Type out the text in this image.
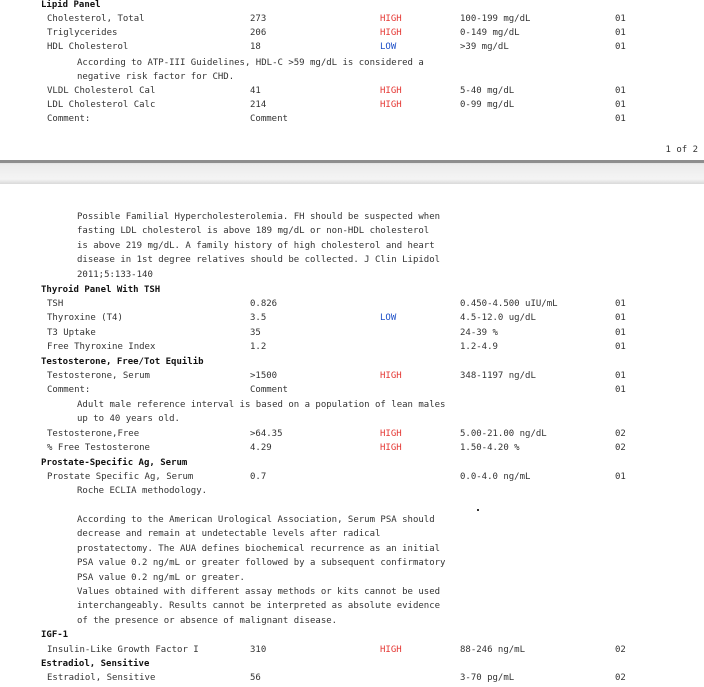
Lipid Panel
Cholesterol, Total	273	HIGH	100-199 mg/dL	01
Triglycerides	206	HIGH	0-149 mg/dL	01
HDL Cholesterol	18	LOW	>39 mg/dL	01
According to ATP-III Guidelines, HDL-C >59 mg/dL is considered a
negative risk factor for CHD.
VLDL Cholesterol Cal	41	HIGH	5-40 mg/dL	01
LDL Cholesterol Calc	214	HIGH	0-99 mg/dL	01
Comment:	Comment	01
1 of 2
Possible Familial Hypercholesterolemia. FH should be suspected when
fasting LDL cholesterol is above 189 mg/dL or non-HDL cholesterol
is above 219 mg/dL. A family history of high cholesterol and heart
disease in 1st degree relatives should be collected. J Clin Lipidol
2011;5:133-140
Thyroid Panel With TSH
TSH	0.826	0.450-4.500 uIU/mL	01
Thyroxine (T4)	3.5	LOW	4.5-12.0 ug/dL	01
T3 Uptake	35	24-39 %	01
Free Thyroxine Index	1.2	1.2-4.9	01
Testosterone, Free/Tot Equilib
Testosterone, Serum	>1500	HIGH	348-1197 ng/dL	01
Comment:	Comment	01
Adult male reference interval is based on a population of lean males
up to 40 years old.
Testosterone,Free	>64.35	HIGH	5.00-21.00 ng/dL	02
% Free Testosterone	4.29	HIGH	1.50-4.20 %	02
Prostate-Specific Ag, Serum
Prostate Specific Ag, Serum	0.7	0.0-4.0 ng/mL	01
Roche ECLIA methodology.
According to the American Urological Association, Serum PSA should
decrease and remain at undetectable levels after radical
prostatectomy. The AUA defines biochemical recurrence as an initial
PSA value 0.2 ng/mL or greater followed by a subsequent confirmatory
PSA value 0.2 ng/mL or greater.
Values obtained with different assay methods or kits cannot be used
interchangeably. Results cannot be interpreted as absolute evidence
of the presence or absence of malignant disease.
IGF-1
Insulin-Like Growth Factor I	310	HIGH	88-246 ng/mL	02
Estradiol, Sensitive
Estradiol, Sensitive	56	3-70 pg/mL	02
